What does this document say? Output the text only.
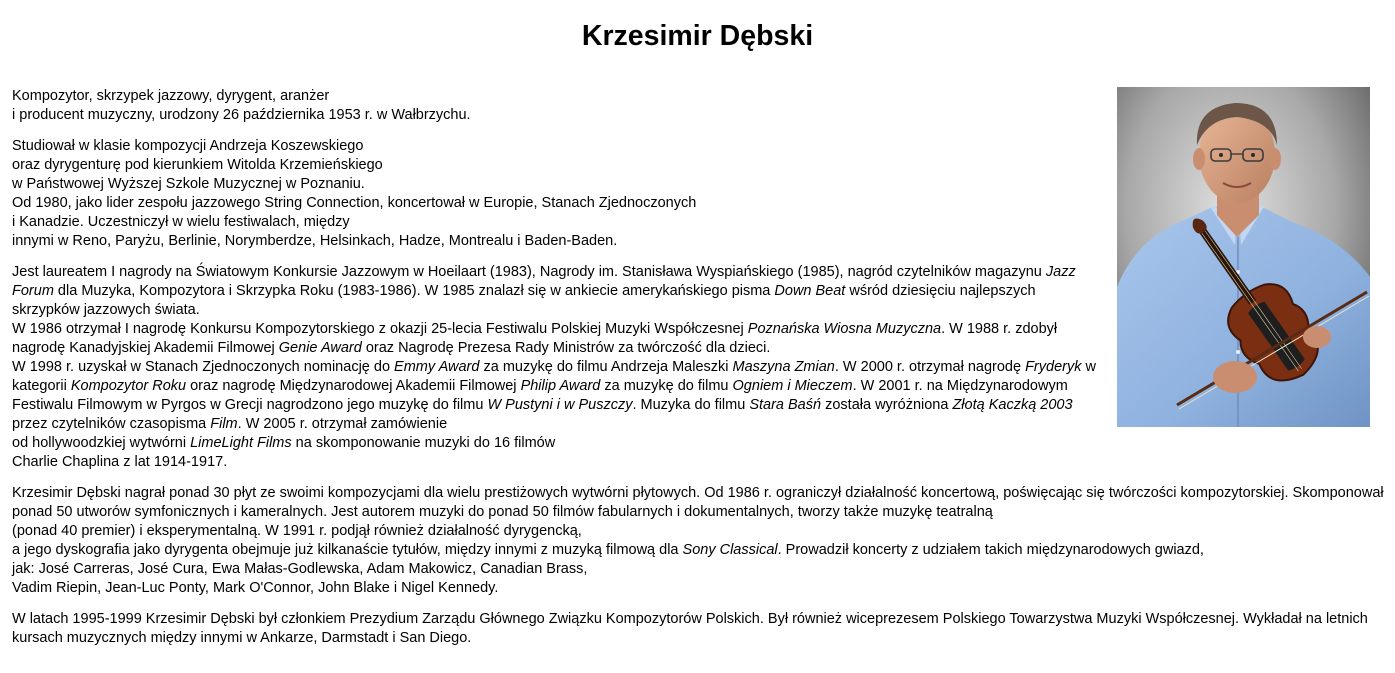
Krzesimir Dębski

Kompozytor, skrzypek jazzowy, dyrygent, aranżer
i producent muzyczny, urodzony 26 października 1953 r. w Wałbrzychu.

Studiował w klasie kompozycji Andrzeja Koszewskiego
oraz dyrygenturę pod kierunkiem Witolda Krzemieńskiego
w Państwowej Wyższej Szkole Muzycznej w Poznaniu.
Od 1980, jako lider zespołu jazzowego String Connection, koncertował w Europie, Stanach Zjednoczonych
i Kanadzie. Uczestniczył w wielu festiwalach, między
innymi w Reno, Paryżu, Berlinie, Norymberdze, Helsinkach, Hadze, Montrealu i Baden-Baden.

Jest laureatem I nagrody na Światowym Konkursie Jazzowym w Hoeilaart (1983), Nagrody im. Stanisława Wyspiańskiego (1985), nagród czytelników magazynu Jazz Forum dla Muzyka, Kompozytora i Skrzypka Roku (1983-1986). W 1985 znalazł się w ankiecie amerykańskiego pisma Down Beat wśród dziesięciu najlepszych skrzypków jazzowych świata.
W 1986 otrzymał I nagrodę Konkursu Kompozytorskiego z okazji 25-lecia Festiwalu Polskiej Muzyki Współczesnej Poznańska Wiosna Muzyczna. W 1988 r. zdobył nagrodę Kanadyjskiej Akademii Filmowej Genie Award oraz Nagrodę Prezesa Rady Ministrów za twórczość dla dzieci.
W 1998 r. uzyskał w Stanach Zjednoczonych nominację do Emmy Award za muzykę do filmu Andrzeja Maleszki Maszyna Zmian. W 2000 r. otrzymał nagrodę Fryderyk w kategorii Kompozytor Roku oraz nagrodę Międzynarodowej Akademii Filmowej Philip Award za muzykę do filmu Ogniem i Mieczem. W 2001 r. na Międzynarodowym Festiwalu Filmowym w Pyrgos w Grecji nagrodzono jego muzykę do filmu W Pustyni i w Puszczy. Muzyka do filmu Stara Baśń została wyróżniona Złotą Kaczką 2003 przez czytelników czasopisma Film. W 2005 r. otrzymał zamówienie
od hollywoodzkiej wytwórni LimeLight Films na skomponowanie muzyki do 16 filmów
Charlie Chaplina z lat 1914-1917.

Krzesimir Dębski nagrał ponad 30 płyt ze swoimi kompozycjami dla wielu prestiżowych wytwórni płytowych. Od 1986 r. ograniczył działalność koncertową, poświęcając się twórczości kompozytorskiej. Skomponował ponad 50 utworów symfonicznych i kameralnych. Jest autorem muzyki do ponad 50 filmów fabularnych i dokumentalnych, tworzy także muzykę teatralną
(ponad 40 premier) i eksperymentalną. W 1991 r. podjął również działalność dyrygencką,
a jego dyskografia jako dyrygenta obejmuje już kilkanaście tytułów, między innymi z muzyką filmową dla Sony Classical. Prowadził koncerty z udziałem takich międzynarodowych gwiazd,
jak: José Carreras, José Cura, Ewa Małas-Godlewska, Adam Makowicz, Canadian Brass,
Vadim Riepin, Jean-Luc Ponty, Mark O'Connor, John Blake i Nigel Kennedy.

W latach 1995-1999 Krzesimir Dębski był członkiem Prezydium Zarządu Głównego Związku Kompozytorów Polskich. Był również wiceprezesem Polskiego Towarzystwa Muzyki Współczesnej. Wykładał na letnich kursach muzycznych między innymi w Ankarze, Darmstadt i San Diego.
